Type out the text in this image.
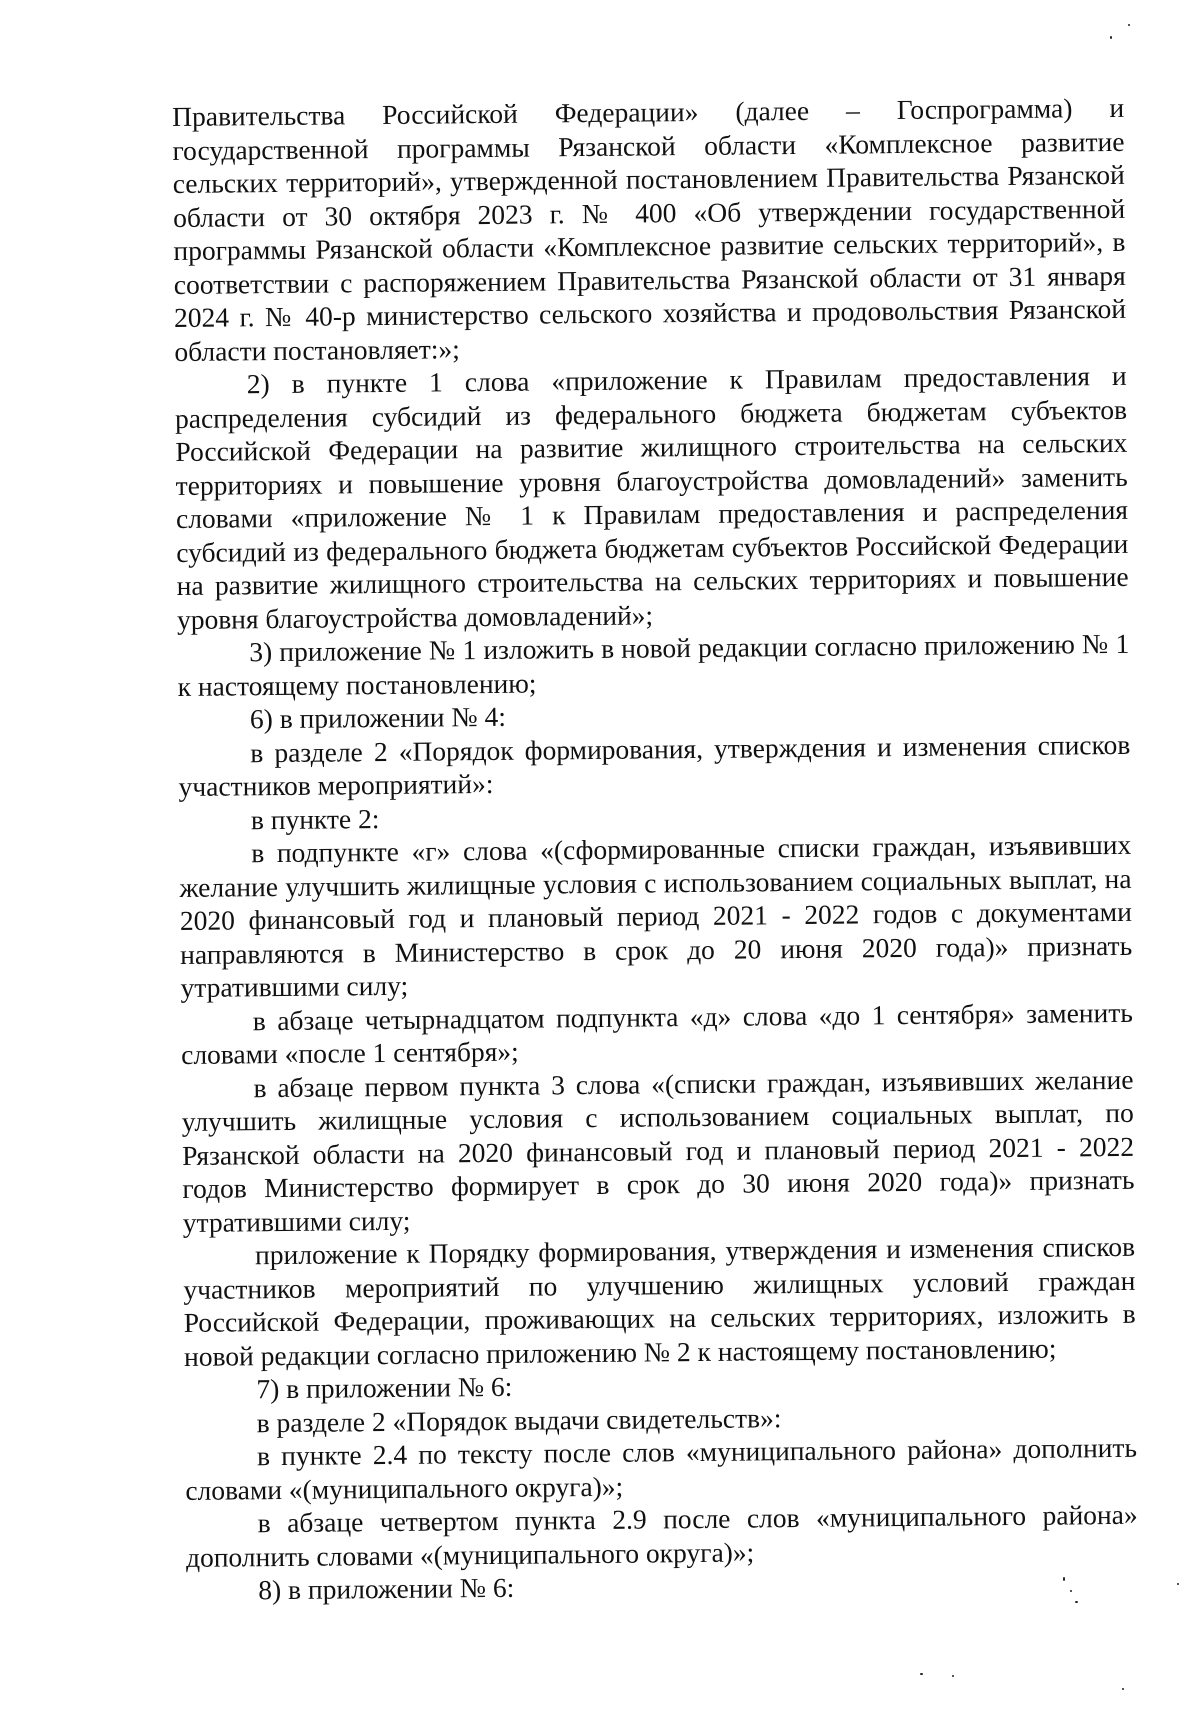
Правительства Российской Федерации» (далее – Госпрограмма) и государственной программы Рязанской области «Комплексное развитие сельских территорий», утвержденной постановлением Правительства Рязанской области от 30 октября 2023 г. № 400 «Об утверждении государственной программы Рязанской области «Комплексное развитие сельских территорий», в соответствии с распоряжением Правительства Рязанской области от 31 января 2024 г. № 40-р министерство сельского хозяйства и продовольствия Рязанской области постановляет:»;

2) в пункте 1 слова «приложение к Правилам предоставления и распределения субсидий из федерального бюджета бюджетам субъектов Российской Федерации на развитие жилищного строительства на сельских территориях и повышение уровня благоустройства домовладений» заменить словами «приложение № 1 к Правилам предоставления и распределения субсидий из федерального бюджета бюджетам субъектов Российской Федерации на развитие жилищного строительства на сельских территориях и повышение уровня благоустройства домовладений»;

3) приложение № 1 изложить в новой редакции согласно приложению № 1 к настоящему постановлению;

6) в приложении № 4:

в разделе 2 «Порядок формирования, утверждения и изменения списков участников мероприятий»:

в пункте 2:

в подпункте «г» слова «(сформированные списки граждан, изъявивших желание улучшить жилищные условия с использованием социальных выплат, на 2020 финансовый год и плановый период 2021 - 2022 годов с документами направляются в Министерство в срок до 20 июня 2020 года)» признать утратившими силу;

в абзаце четырнадцатом подпункта «д» слова «до 1 сентября» заменить словами «после 1 сентября»;

в абзаце первом пункта 3 слова «(списки граждан, изъявивших желание улучшить жилищные условия с использованием социальных выплат, по Рязанской области на 2020 финансовый год и плановый период 2021 - 2022 годов Министерство формирует в срок до 30 июня 2020 года)» признать утратившими силу;

приложение к Порядку формирования, утверждения и изменения списков участников мероприятий по улучшению жилищных условий граждан Российской Федерации, проживающих на сельских территориях, изложить в новой редакции согласно приложению № 2 к настоящему постановлению;

7) в приложении № 6:

в разделе 2 «Порядок выдачи свидетельств»:

в пункте 2.4 по тексту после слов «муниципального района» дополнить словами «(муниципального округа)»;

в абзаце четвертом пункта 2.9 после слов «муниципального района» дополнить словами «(муниципального округа)»;

8) в приложении № 6:
